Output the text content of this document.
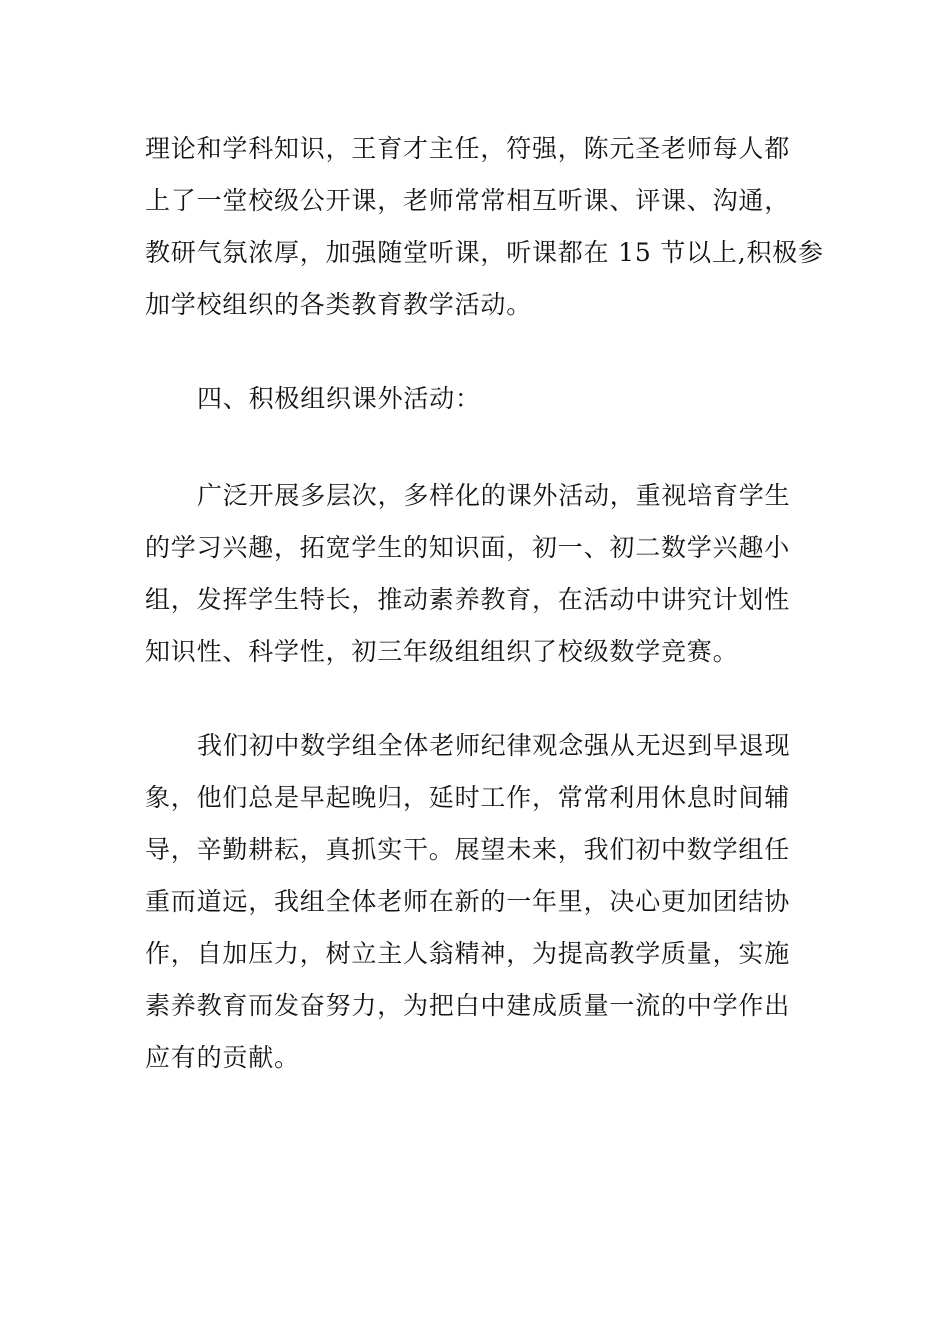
理论和学科知识，王育才主任，符强，陈元圣老师每人都

上了一堂校级公开课，老师常常相互听课、评课、沟通，

教研气氛浓厚，加强随堂听课，听课都在 15 节以上,积极参

加学校组织的各类教育教学活动。

四、积极组织课外活动：

广泛开展多层次，多样化的课外活动，重视培育学生

的学习兴趣，拓宽学生的知识面，初一、初二数学兴趣小

组，发挥学生特长，推动素养教育，在活动中讲究计划性

知识性、科学性，初三年级组组织了校级数学竞赛。

我们初中数学组全体老师纪律观念强从无迟到早退现

象，他们总是早起晚归，延时工作，常常利用休息时间辅

导，辛勤耕耘，真抓实干。展望未来，我们初中数学组任

重而道远，我组全体老师在新的一年里，决心更加团结协

作，自加压力，树立主人翁精神，为提高教学质量，实施

素养教育而发奋努力，为把白中建成质量一流的中学作出

应有的贡献。
